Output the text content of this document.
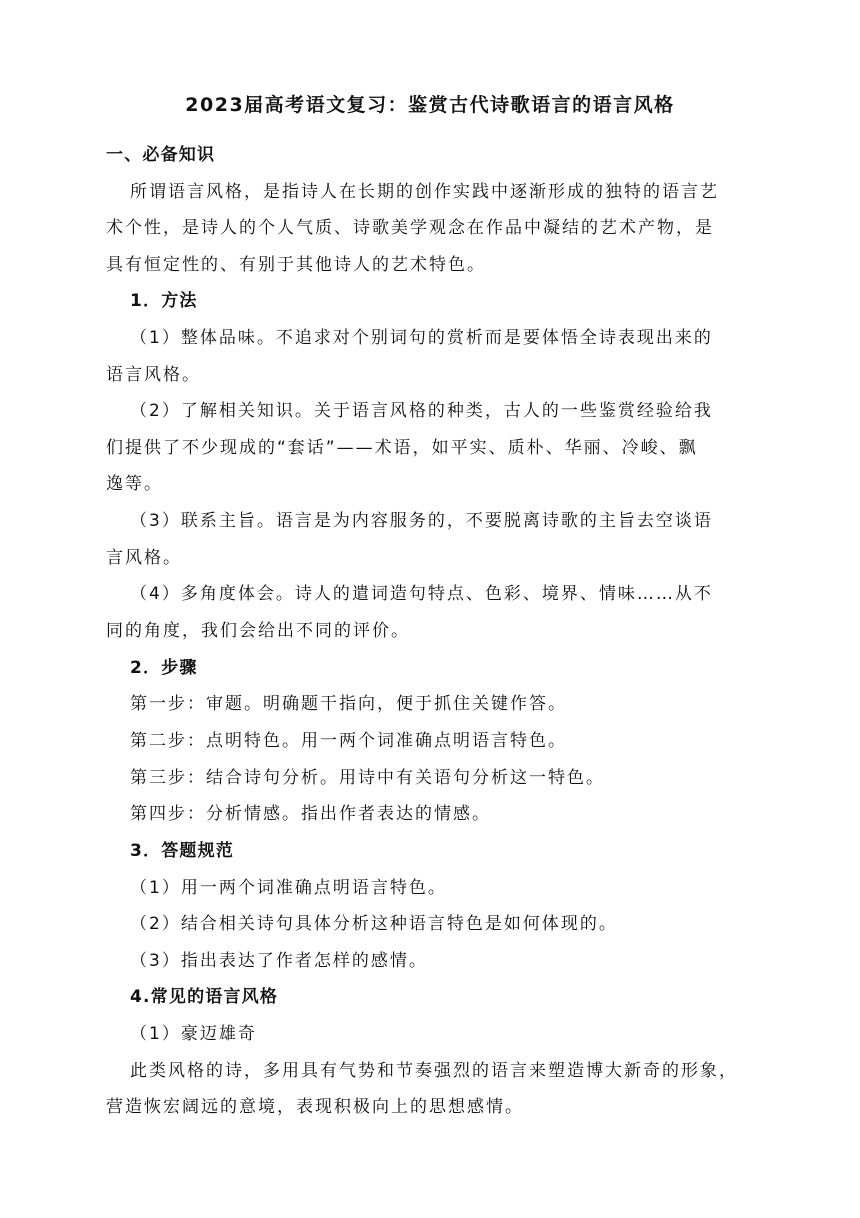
2023届高考语文复习：鉴赏古代诗歌语言的语言风格
一、必备知识
所谓语言风格，是指诗人在长期的创作实践中逐渐形成的独特的语言艺
术个性，是诗人的个人气质、诗歌美学观念在作品中凝结的艺术产物，是
具有恒定性的、有别于其他诗人的艺术特色。
1．方法
（1）整体品味。不追求对个别词句的赏析而是要体悟全诗表现出来的
语言风格。
（2）了解相关知识。关于语言风格的种类，古人的一些鉴赏经验给我
们提供了不少现成的“套话”——术语，如平实、质朴、华丽、冷峻、飘
逸等。
（3）联系主旨。语言是为内容服务的，不要脱离诗歌的主旨去空谈语
言风格。
（4）多角度体会。诗人的遣词造句特点、色彩、境界、情味……从不
同的角度，我们会给出不同的评价。
2．步骤
第一步：审题。明确题干指向，便于抓住关键作答。
第二步：点明特色。用一两个词准确点明语言特色。
第三步：结合诗句分析。用诗中有关语句分析这一特色。
第四步：分析情感。指出作者表达的情感。
3．答题规范
（1）用一两个词准确点明语言特色。
（2）结合相关诗句具体分析这种语言特色是如何体现的。
（3）指出表达了作者怎样的感情。
4.常见的语言风格
（1）豪迈雄奇
此类风格的诗，多用具有气势和节奏强烈的语言来塑造博大新奇的形象，
营造恢宏阔远的意境，表现积极向上的思想感情。
